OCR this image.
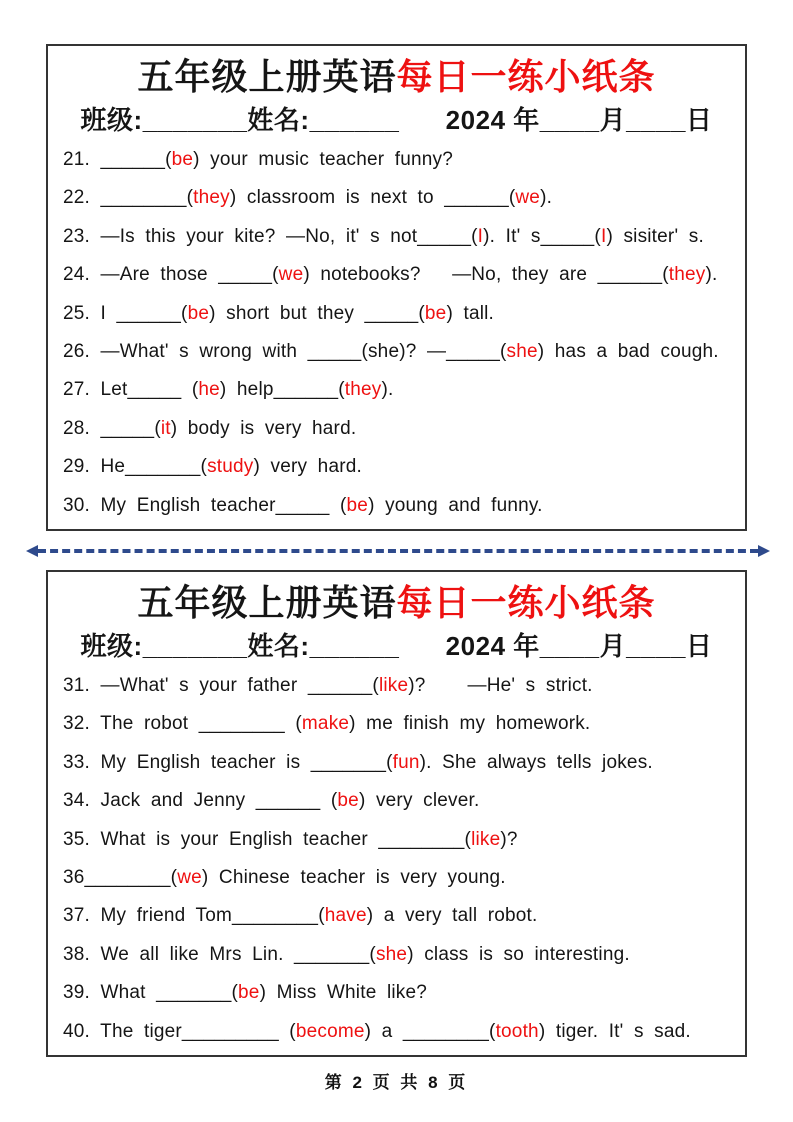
五年级上册英语每日一练小纸条
班级:_______姓名:______      2024 年____月____日
21. ______(be) your music teacher funny?
22. ________(they) classroom is next to ______(we).
23. —Is this your kite? —No, it' s not_____(I). It' s_____(I) sisiter' s.
24. —Are those _____(we) notebooks?   —No, they are ______(they).
25. I ______(be) short but they _____(be) tall.
26. —What' s wrong with _____(she)? —_____(she) has a bad cough.
27. Let_____ (he) help______(they).
28. _____(it) body is very hard.
29. He_______(study) very hard.
30. My English teacher_____ (be) young and funny.
五年级上册英语每日一练小纸条
班级:_______姓名:______      2024 年____月____日
31. —What' s your father ______(like)?    —He' s strict.
32. The robot ________ (make) me finish my homework.
33. My English teacher is _______(fun). She always tells jokes.
34. Jack and Jenny ______ (be) very clever.
35. What is your English teacher ________(like)?
36________(we) Chinese teacher is very young.
37. My friend Tom________(have) a very tall robot.
38. We all like Mrs Lin. _______(she) class is so interesting.
39. What _______(be) Miss White like?
40. The tiger_________ (become) a ________(tooth) tiger. It' s sad.
第 2 页 共 8 页
